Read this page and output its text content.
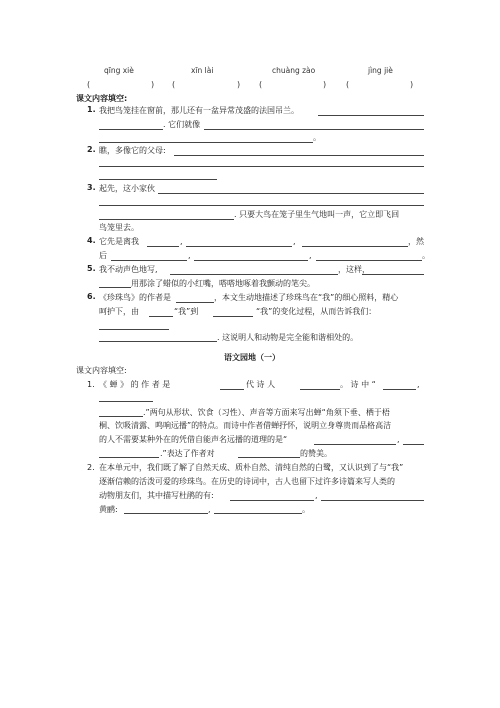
qīng xiè	xīn lài	chuàng zào	jìng jiè
(	) (	) (	) (	)
课文内容填空:
1. 我把鸟笼挂在窗前，那儿还有一盆异常茂盛的法国吊兰。
. 它们就像
。
2. 瞧，多像它的父母:
3. 起先，这小家伙
. 只要大鸟在笼子里生气地叫一声，它立即飞回
鸟笼里去。
4. 它先是离我	,	,	，然
后	,	,	。
5. 我不动声色地写,	，这样，
用那涂了蜡似的小红嘴，嗒嗒地啄着我颤动的笔尖。
6. 《珍珠鸟》的作者是	，本文生动地描述了珍珠鸟在“我”的细心照料，精心
呵护下，由	“我”到	“我”的变化过程，从而告诉我们：
. 这说明人和动物是完全能和谐相处的。
语文园地（一）
课文内容填空:
1. 《 蝉 》 的 作 者 是	代 诗 人	。 诗 中 “	,
.”两句从形状、饮食（习性）、声音等方面来写出蝉“角须下垂、栖于梧
桐、饮吸清露、鸣响远播”的特点。而诗中作者借蝉抒怀，说明立身尊贵而品格高洁
的人不需要某种外在的凭借自能声名远播的道理的是“	,
.”表达了作者对	的赞美。
2. 在本单元中，我们既了解了自然天成、质朴自然、清纯自然的白鹭，又认识到了与“我”
逐渐信赖的活泼可爱的珍珠鸟。在历史的诗词中，古人也留下过许多诗篇来写人类的
动物朋友们，其中描写杜鹃的有:	,
黄鹂:	,	。
